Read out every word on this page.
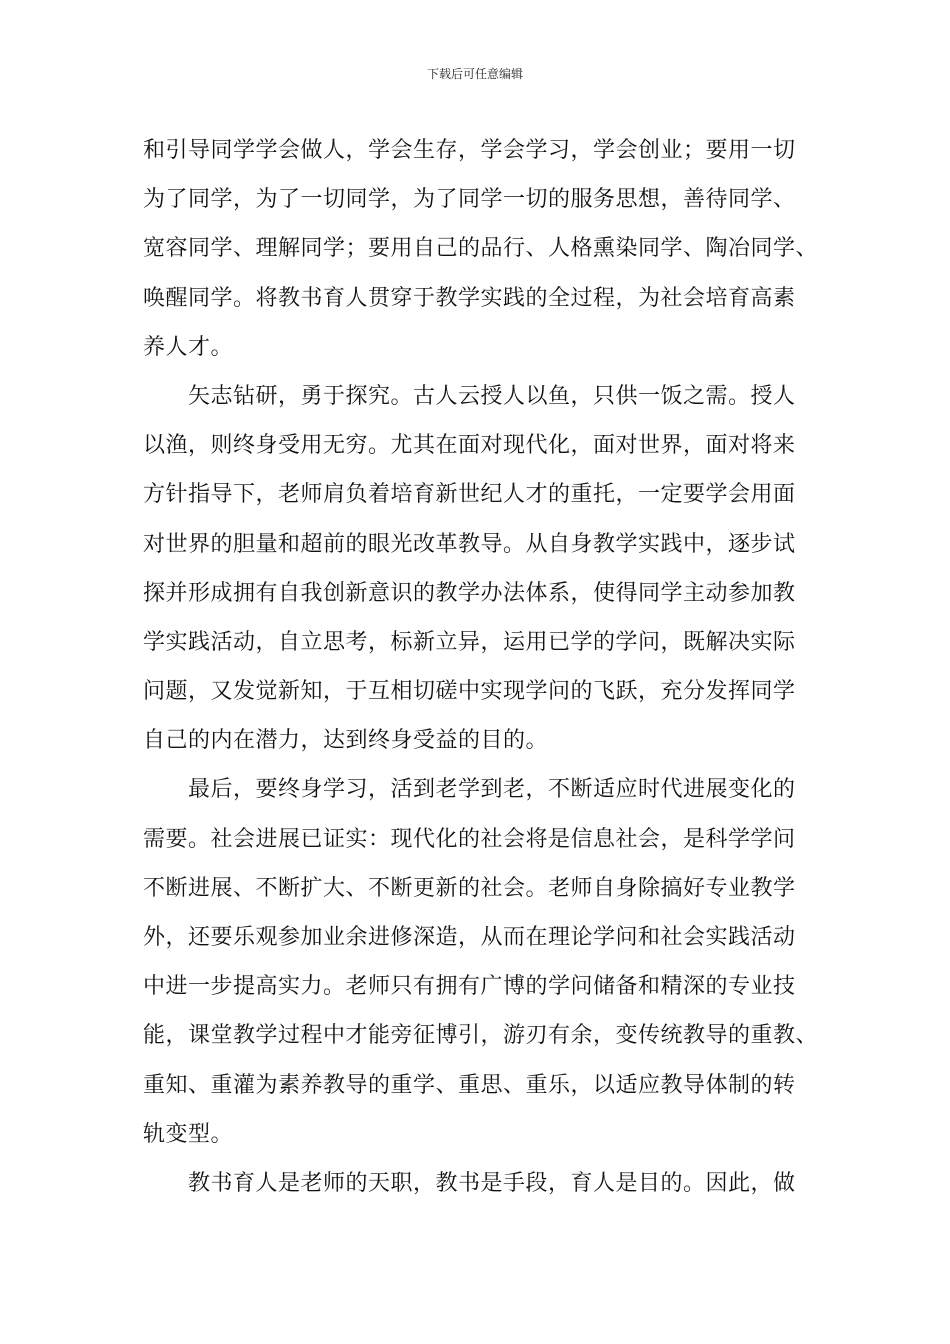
下载后可任意编辑
和引导同学学会做人，学会生存，学会学习，学会创业；要用一切
为了同学，为了一切同学，为了同学一切的服务思想，善待同学、
宽容同学、理解同学；要用自己的品行、人格熏染同学、陶冶同学、
唤醒同学。将教书育人贯穿于教学实践的全过程，为社会培育高素
养人才。
　　矢志钻研，勇于探究。古人云授人以鱼，只供一饭之需。授人
以渔，则终身受用无穷。尤其在面对现代化，面对世界，面对将来
方针指导下，老师肩负着培育新世纪人才的重托，一定要学会用面
对世界的胆量和超前的眼光改革教导。从自身教学实践中，逐步试
探并形成拥有自我创新意识的教学办法体系，使得同学主动参加教
学实践活动，自立思考，标新立异，运用已学的学问，既解决实际
问题，又发觉新知，于互相切磋中实现学问的飞跃，充分发挥同学
自己的内在潜力，达到终身受益的目的。
　　最后，要终身学习，活到老学到老，不断适应时代进展变化的
需要。社会进展已证实：现代化的社会将是信息社会，是科学学问
不断进展、不断扩大、不断更新的社会。老师自身除搞好专业教学
外，还要乐观参加业余进修深造，从而在理论学问和社会实践活动
中进一步提高实力。老师只有拥有广博的学问储备和精深的专业技
能，课堂教学过程中才能旁征博引，游刃有余，变传统教导的重教、
重知、重灌为素养教导的重学、重思、重乐，以适应教导体制的转
轨变型。
　　教书育人是老师的天职，教书是手段，育人是目的。因此，做
